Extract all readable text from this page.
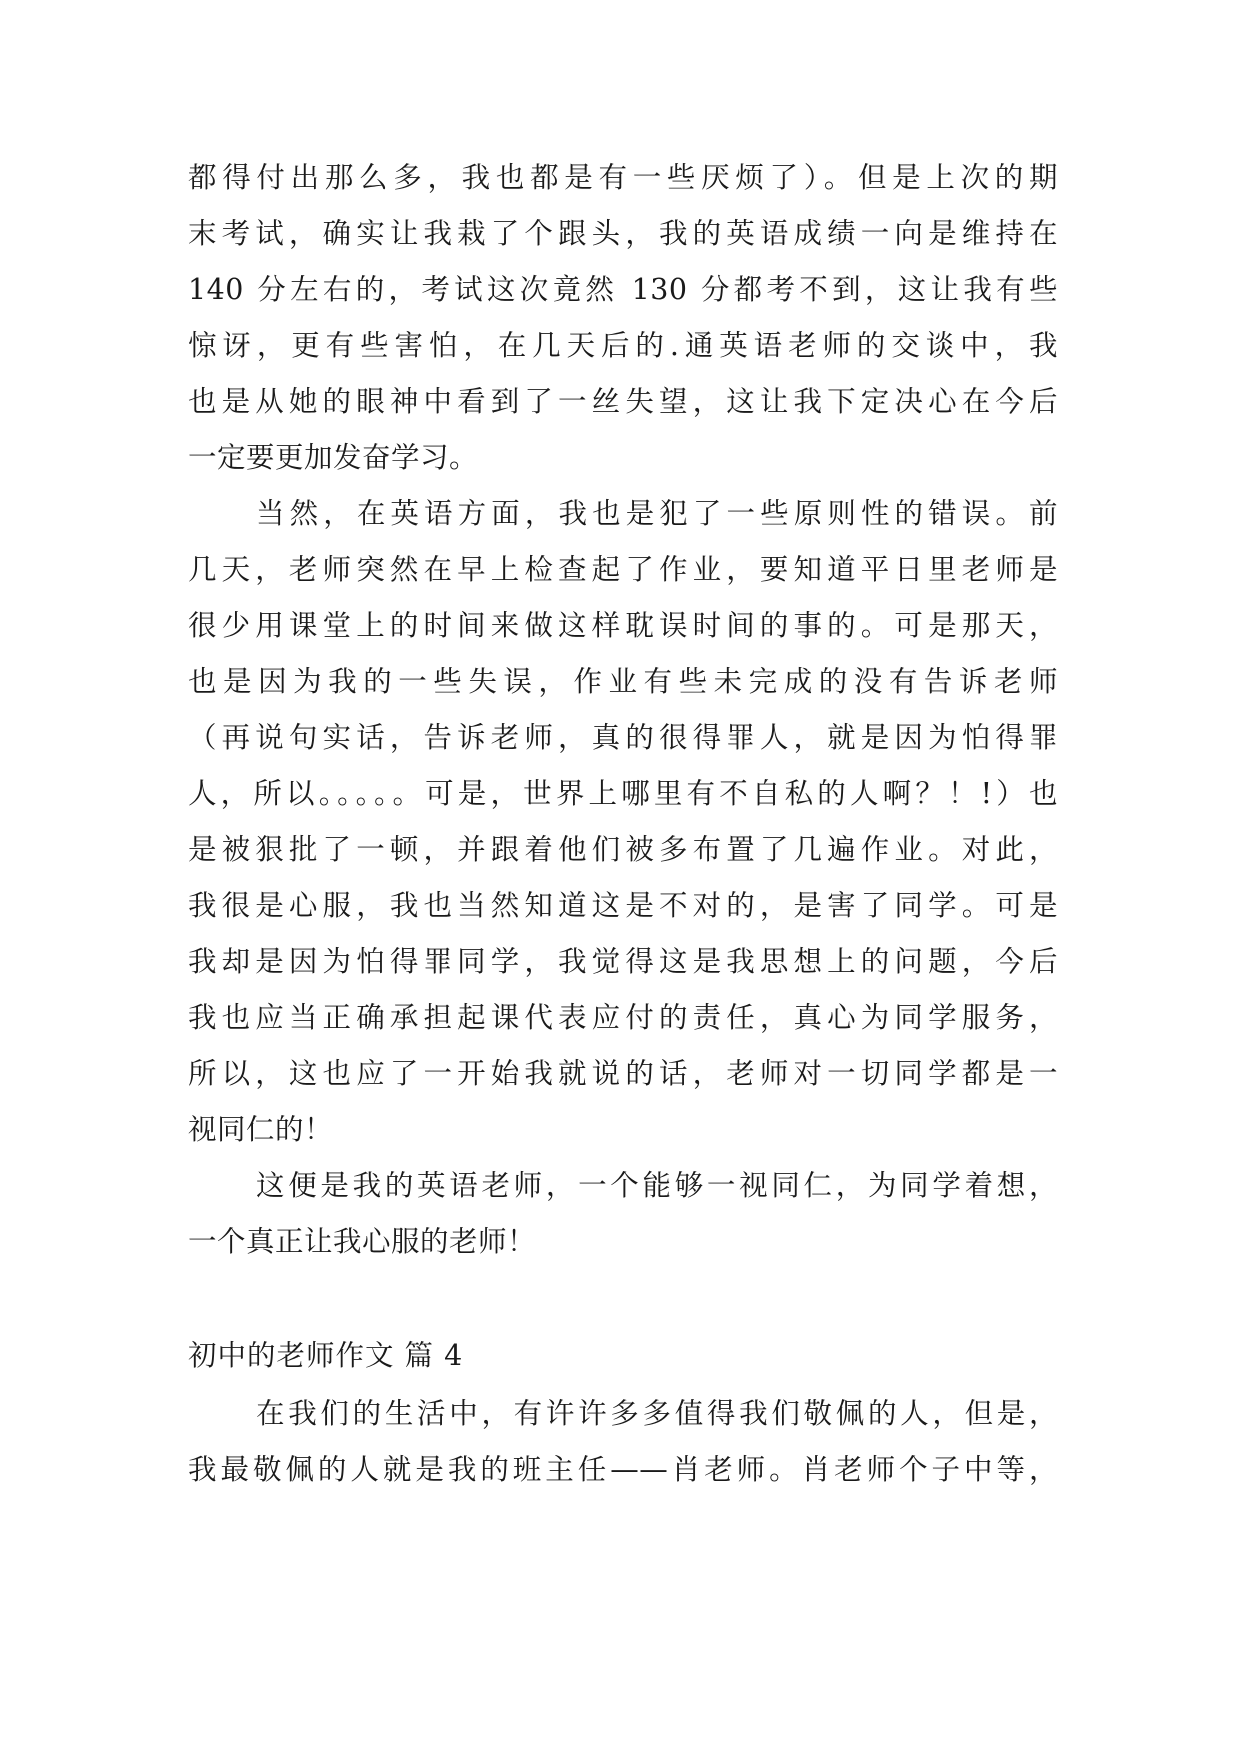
都得付出那么多，我也都是有一些厌烦了）。但是上次的期
末考试，确实让我栽了个跟头，我的英语成绩一向是维持在
140 分左右的，考试这次竟然 130 分都考不到，这让我有些
惊讶，更有些害怕，在几天后的.通英语老师的交谈中，我
也是从她的眼神中看到了一丝失望，这让我下定决心在今后
一定要更加发奋学习。
当然，在英语方面，我也是犯了一些原则性的错误。前
几天，老师突然在早上检查起了作业，要知道平日里老师是
很少用课堂上的时间来做这样耽误时间的事的。可是那天，
也是因为我的一些失误，作业有些未完成的没有告诉老师
（再说句实话，告诉老师，真的很得罪人，就是因为怕得罪
人，所以。。。。。可是，世界上哪里有不自私的人啊？！!）也
是被狠批了一顿，并跟着他们被多布置了几遍作业。对此，
我很是心服，我也当然知道这是不对的，是害了同学。可是
我却是因为怕得罪同学，我觉得这是我思想上的问题，今后
我也应当正确承担起课代表应付的责任，真心为同学服务，
所以，这也应了一开始我就说的话，老师对一切同学都是一
视同仁的！
这便是我的英语老师，一个能够一视同仁，为同学着想，
一个真正让我心服的老师！
初中的老师作文 篇 4
在我们的生活中，有许许多多值得我们敬佩的人，但是，
我最敬佩的人就是我的班主任——肖老师。肖老师个子中等，
